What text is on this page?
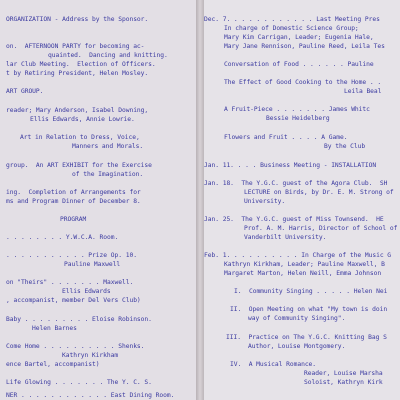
ORGANIZATION - Address by the Sponsor.
on.  AFTERNOON PARTY for becoming ac-
quainted.  Dancing and knitting.
lar Club Meeting.  Election of Officers.
t by Retiring President, Helen Mosley.
ART GROUP.
reader; Mary Anderson, Isabel Downing,
Ellis Edwards, Annie Lowrie.
Art in Relation to Dress, Voice,
Manners and Morals.
group.  An ART EXHIBIT for the Exercise
of the Imagination.
ing.  Completion of Arrangements for
ms and Program Dinner of December 8.
PROGRAM
. . . . . . . . Y.W.C.A. Room.
. . . . . . . . . . . Prize Op. 10.
Pauline Maxwell
on "Theirs" . . . . . . . Maxwell.
Ellis Edwards
, accompanist, member Del Vers Club)
Baby . . . . . . . . . Eloise Robinson.
Helen Barnes
Come Home . . . . . . . . . . Shenks.
Kathryn Kirkham
ence Bartel, accompanist)
Life Glowing . . . . . . . The Y. C. S.
NER . . . . . . . . . . . . East Dining Room.
Dec. 7. . . . . . . . . . . . Last Meeting Pres
In charge of Domestic Science Group;
Mary Kim Carrigan, Leader; Eugenia Hale,
Mary Jane Rennison, Pauline Reed, Leila Tes
Conversation of Food . . . . . . Pauline
The Effect of Good Cooking to the Home . .
Leila Beal
A Fruit-Piece . . . . . . . James Whitc
Bessie Heidelberg
Flowers and Fruit . . . . A Game.
By the Club
Jan. 11. . . . Business Meeting - INSTALLATION
Jan. 18.  The Y.G.C. guest of the Agora Club.  SH
LECTURE on Birds, by Dr. E. M. Strong of
University.
Jan. 25.  The Y.G.C. guest of Miss Townsend.  HE
Prof. A. M. Harris, Director of School of
Vanderbilt University.
Feb. 1. . . . . . . . . . In Charge of the Music G
Kathryn Kirkham, Leader; Pauline Maxwell, B
Margaret Marton, Helen Neill, Emma Johnson
I.  Community Singing . . . . . Helen Nei
II.  Open Meeting on what "My town is doin
way of Community Singing".
III.  Practice on The Y.G.C. Knitting Bag S
Author, Louise Montgomery.
IV.  A Musical Romance.
Reader, Louise Marsha
Soloist, Kathryn Kirk
